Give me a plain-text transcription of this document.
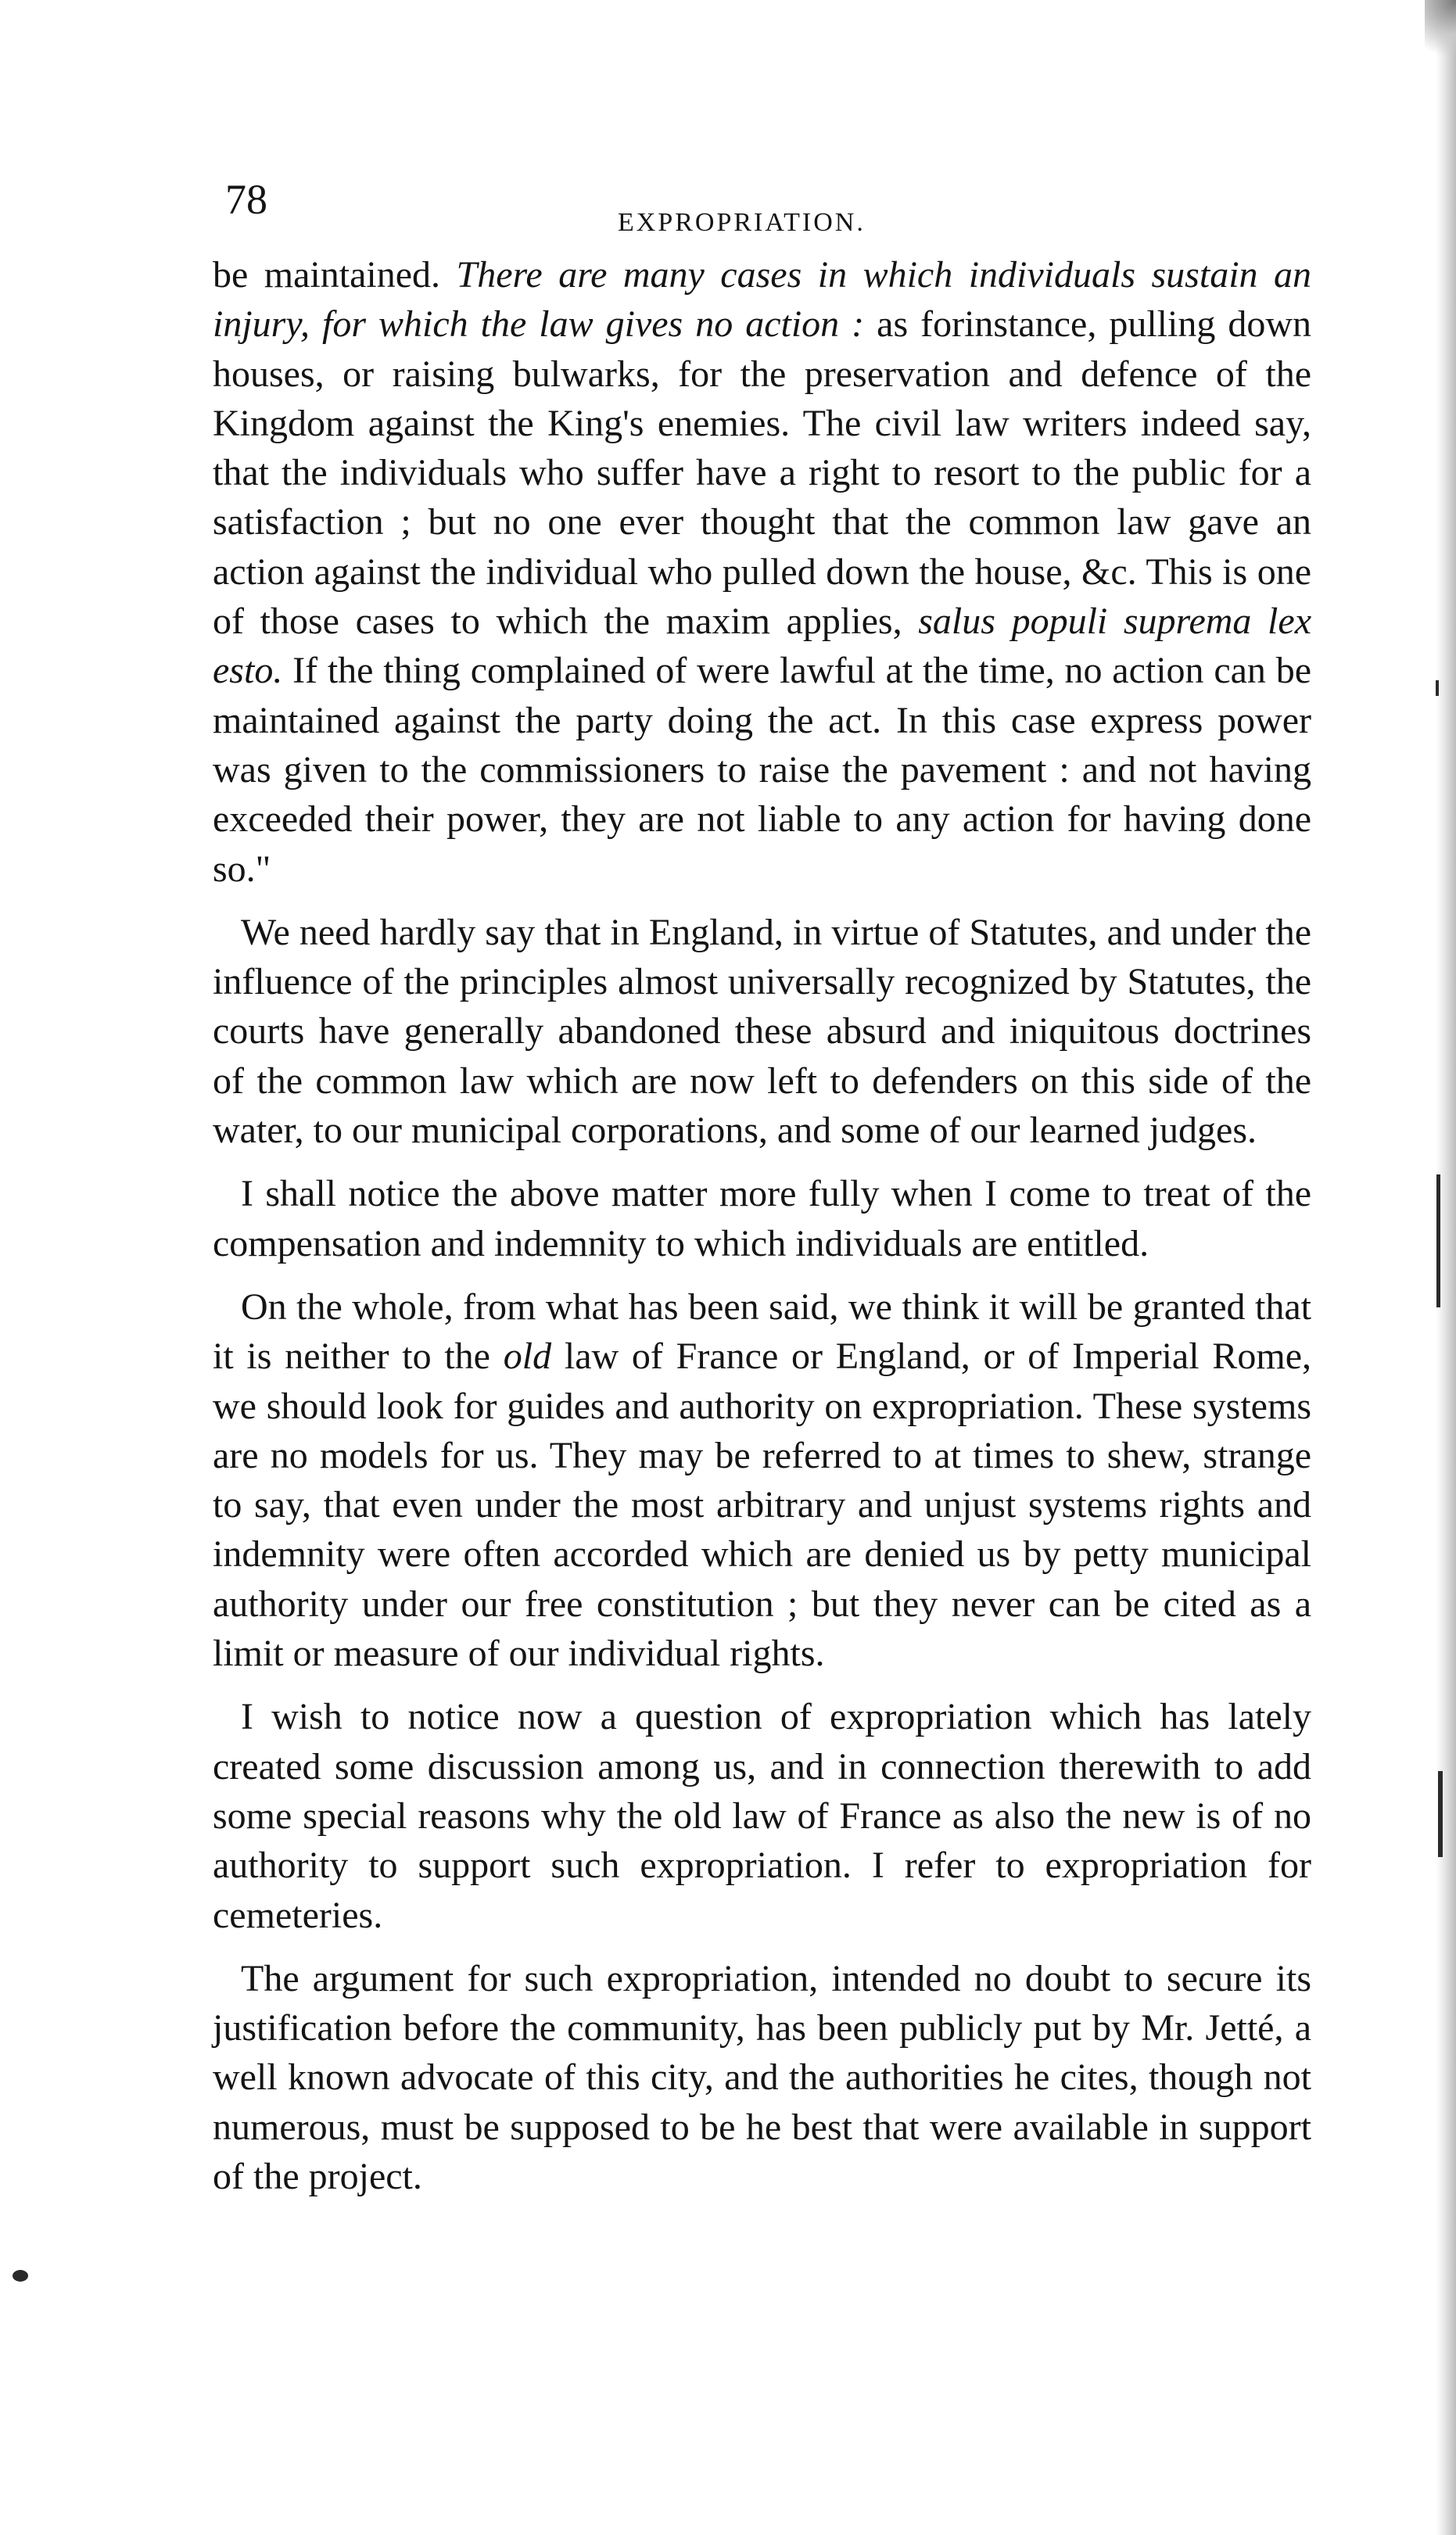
78	EXPROPRIATION.

be maintained. There are many cases in which individuals sustain an injury, for which the law gives no action : as forinstance, pulling down houses, or raising bulwarks, for the preservation and defence of the Kingdom against the King's enemies. The civil law writers indeed say, that the individuals who suffer have a right to resort to the public for a satisfaction ; but no one ever thought that the common law gave an action against the individual who pulled down the house, &c. This is one of those cases to which the maxim applies, salus populi suprema lex esto. If the thing complained of were lawful at the time, no action can be maintained against the party doing the act. In this case express power was given to the commissioners to raise the pavement : and not having exceeded their power, they are not liable to any action for having done so."

We need hardly say that in England, in virtue of Statutes, and under the influence of the principles almost universally recognized by Statutes, the courts have generally abandoned these absurd and iniquitous doctrines of the common law which are now left to defenders on this side of the water, to our municipal corporations, and some of our learned judges.

I shall notice the above matter more fully when I come to treat of the compensation and indemnity to which individuals are entitled.

On the whole, from what has been said, we think it will be granted that it is neither to the old law of France or England, or of Imperial Rome, we should look for guides and authority on expropriation. These systems are no models for us. They may be referred to at times to shew, strange to say, that even under the most arbitrary and unjust systems rights and indemnity were often accorded which are denied us by petty municipal authority under our free constitution ; but they never can be cited as a limit or measure of our individual rights.

I wish to notice now a question of expropriation which has lately created some discussion among us, and in connection therewith to add some special reasons why the old law of France as also the new is of no authority to support such expropriation. I refer to expropriation for cemeteries.

The argument for such expropriation, intended no doubt to secure its justification before the community, has been publicly put by Mr. Jetté, a well known advocate of this city, and the authorities he cites, though not numerous, must be supposed to be he best that were available in support of the project.
